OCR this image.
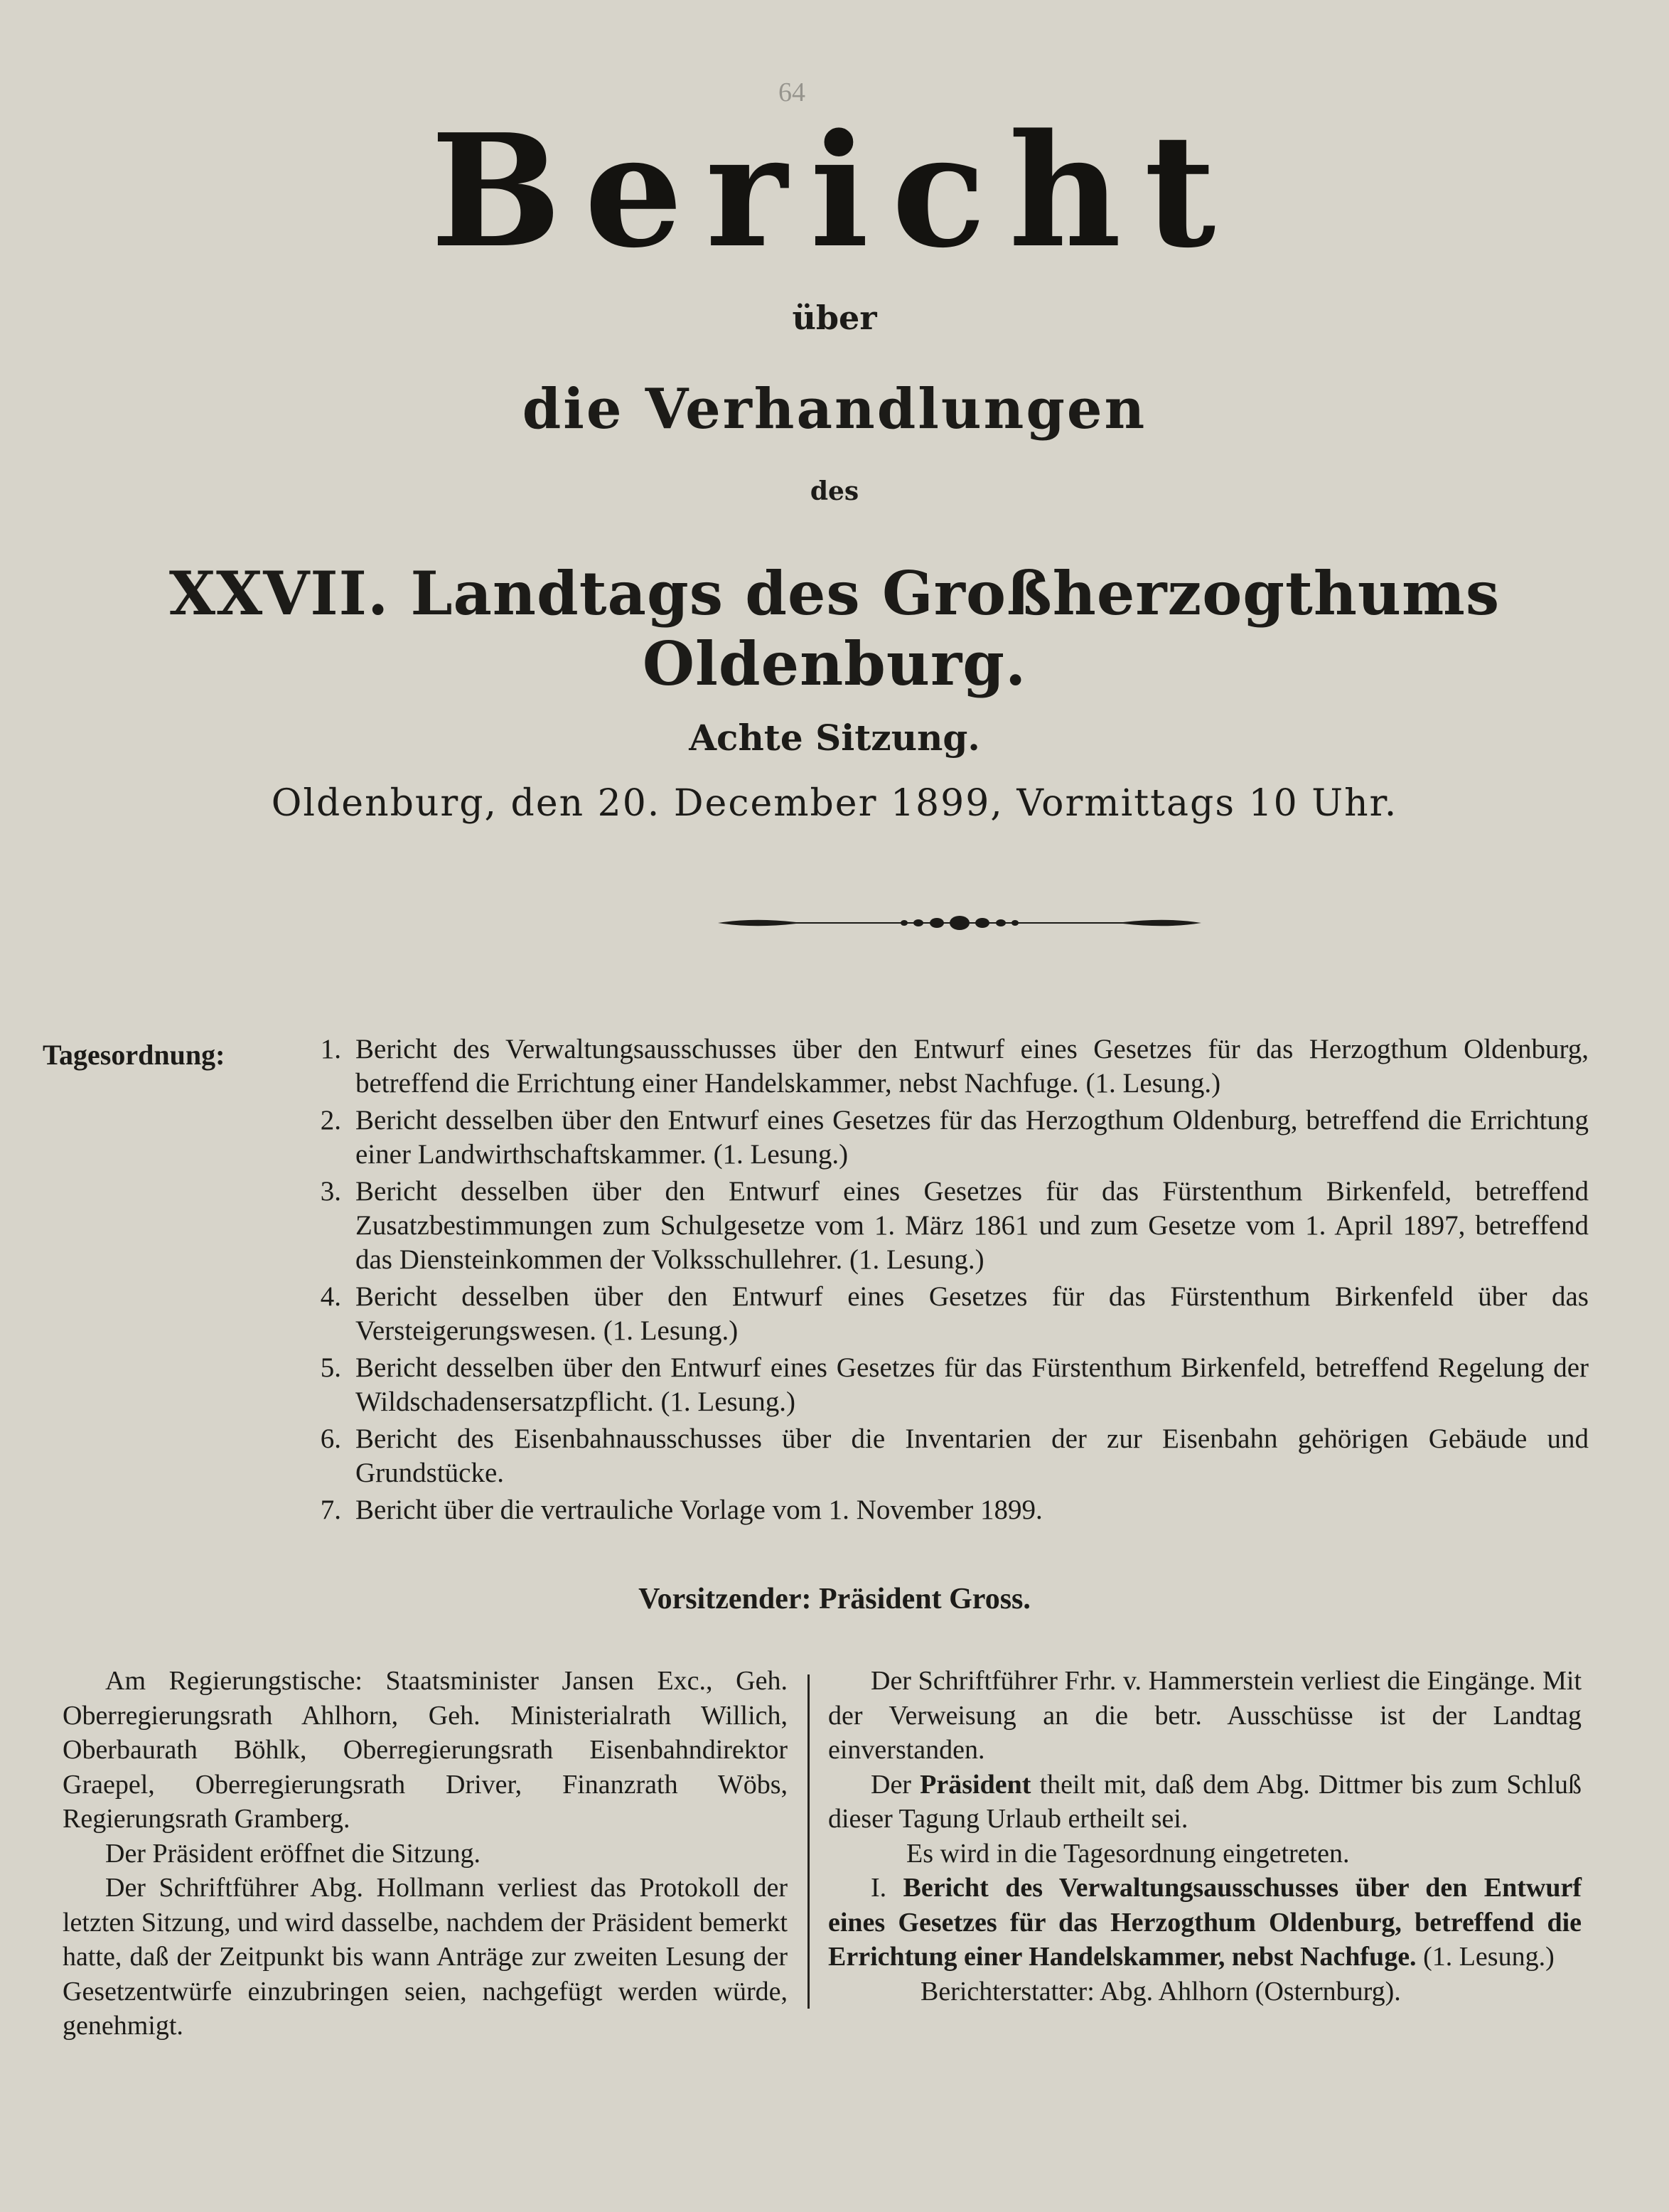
64
Bericht
über
die Verhandlungen
des
XXVII. Landtags des Großherzogthums Oldenburg.
Achte Sitzung.
Oldenburg, den 20. December 1899, Vormittags 10 Uhr.
Tagesordnung:	1. Bericht des Verwaltungsausschusses über den Entwurf eines Gesetzes für das Herzogthum Oldenburg, betreffend die Errichtung einer Handelskammer, nebst Nachfuge. (1. Lesung.)
2. Bericht desselben über den Entwurf eines Gesetzes für das Herzogthum Oldenburg, betreffend die Errichtung einer Landwirthschaftskammer. (1. Lesung.)
3. Bericht desselben über den Entwurf eines Gesetzes für das Fürstenthum Birkenfeld, betreffend Zusatzbestimmungen zum Schulgesetze vom 1. März 1861 und zum Gesetze vom 1. April 1897, betreffend das Diensteinkommen der Volksschullehrer. (1. Lesung.)
4. Bericht desselben über den Entwurf eines Gesetzes für das Fürstenthum Birkenfeld über das Versteigerungswesen. (1. Lesung.)
5. Bericht desselben über den Entwurf eines Gesetzes für das Fürstenthum Birkenfeld, betreffend Regelung der Wildschadensersatzpflicht. (1. Lesung.)
6. Bericht des Eisenbahnausschusses über die Inventarien der zur Eisenbahn gehörigen Gebäude und Grundstücke.
7. Bericht über die vertrauliche Vorlage vom 1. November 1899.
Vorsitzender: Präsident Gross.

Am Regierungstische: Staatsminister Jansen Exc., Geh. Oberregierungsrath Ahlhorn, Geh. Ministerialrath Willich, Oberbaurath Böhlk, Oberregierungsrath Eisenbahndirektor Graepel, Oberregierungsrath Driver, Finanzrath Wöbs, Regierungsrath Gramberg.

Der Präsident eröffnet die Sitzung.

Der Schriftführer Abg. Hollmann verliest das Protokoll der letzten Sitzung, und wird dasselbe, nachdem der Präsident bemerkt hatte, daß der Zeitpunkt bis wann Anträge zur zweiten Lesung der Gesetzentwürfe einzubringen seien, nachgefügt werden würde, genehmigt.

Der Schriftführer Frhr. v. Hammerstein verliest die Eingänge. Mit der Verweisung an die betr. Ausschüsse ist der Landtag einverstanden.

Der Präsident theilt mit, daß dem Abg. Dittmer bis zum Schluß dieser Tagung Urlaub ertheilt sei.

Es wird in die Tagesordnung eingetreten.

I. Bericht des Verwaltungsausschusses über den Entwurf eines Gesetzes für das Herzogthum Oldenburg, betreffend die Errichtung einer Handelskammer, nebst Nachfuge. (1. Lesung.)

Berichterstatter: Abg. Ahlhorn (Osternburg).
